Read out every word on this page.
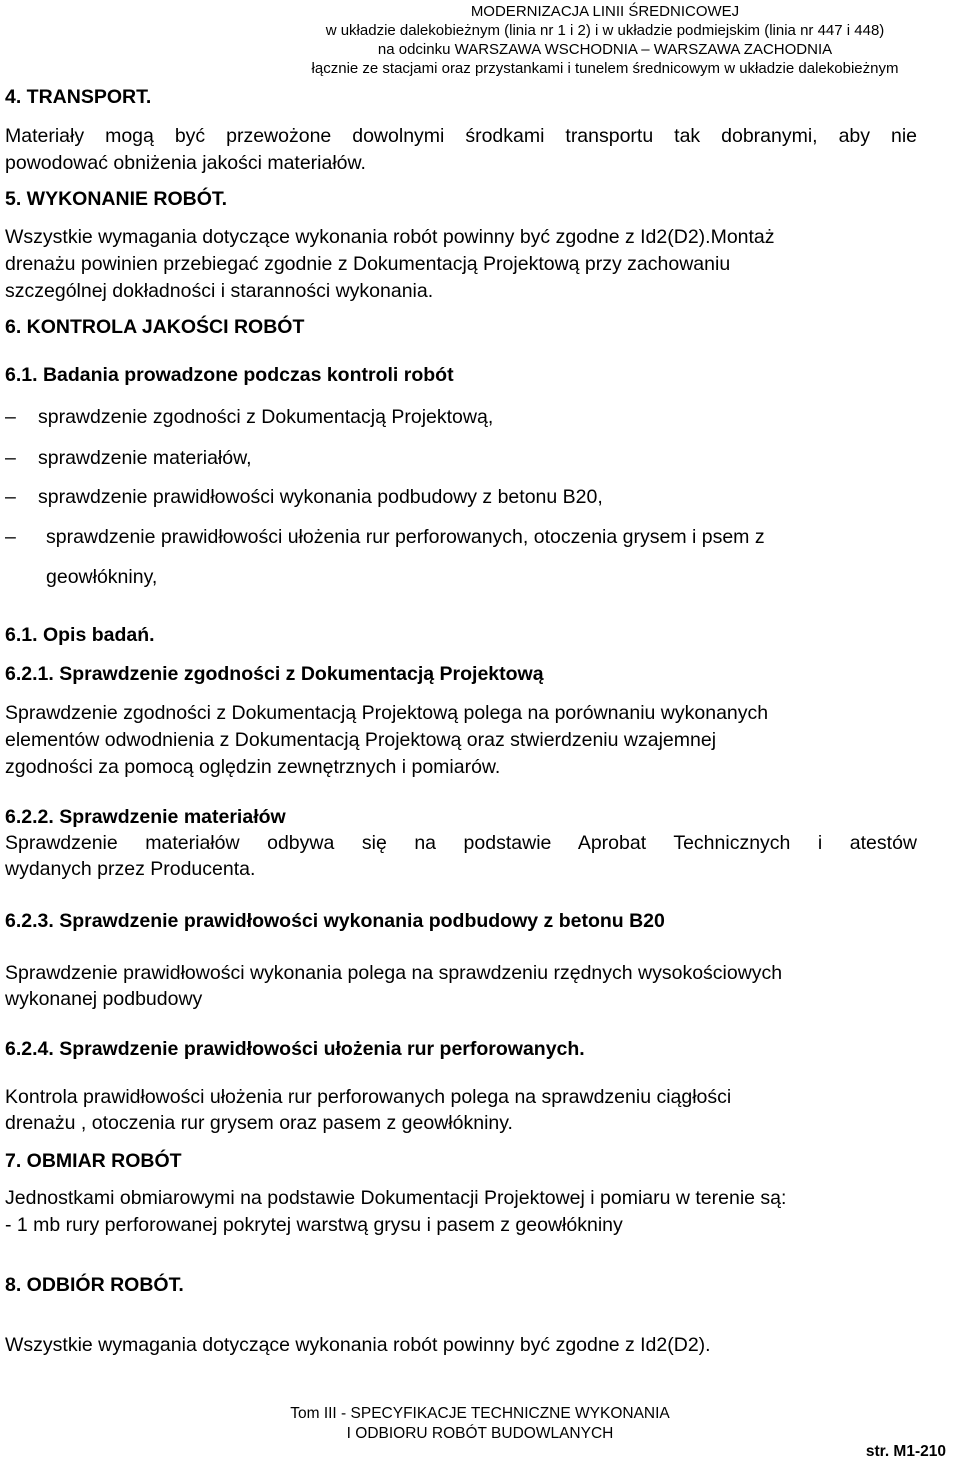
MODERNIZACJA LINII ŚREDNICOWEJ
w układzie dalekobieżnym (linia nr 1 i 2) i w układzie podmiejskim (linia nr 447 i 448)
na odcinku WARSZAWA WSCHODNIA – WARSZAWA ZACHODNIA
łącznie ze stacjami oraz przystankami i tunelem średnicowym w układzie dalekobieżnym
4. TRANSPORT.
Materiały mogą być przewożone dowolnymi środkami transportu tak dobranymi, aby nie
powodować obniżenia jakości materiałów.
5. WYKONANIE ROBÓT.
Wszystkie wymagania dotyczące wykonania robót powinny być zgodne z Id2(D2).Montaż
drenażu powinien przebiegać zgodnie z Dokumentacją Projektową przy zachowaniu
szczególnej dokładności i staranności wykonania.
6. KONTROLA JAKOŚCI ROBÓT
6.1. Badania prowadzone podczas kontroli robót
– sprawdzenie zgodności z Dokumentacją Projektową,
– sprawdzenie materiałów,
– sprawdzenie prawidłowości wykonania podbudowy z betonu B20,
– sprawdzenie prawidłowości ułożenia rur perforowanych, otoczenia grysem i psem z
geowłókniny,
6.1. Opis badań.
6.2.1. Sprawdzenie zgodności z Dokumentacją Projektową
Sprawdzenie zgodności z Dokumentacją Projektową polega na porównaniu wykonanych
elementów odwodnienia z Dokumentacją Projektową oraz stwierdzeniu wzajemnej
zgodności za pomocą oględzin zewnętrznych i pomiarów.
6.2.2. Sprawdzenie materiałów
Sprawdzenie materiałów odbywa się na podstawie Aprobat Technicznych i atestów
wydanych przez Producenta.
6.2.3. Sprawdzenie prawidłowości wykonania podbudowy z betonu B20
Sprawdzenie prawidłowości wykonania polega na sprawdzeniu rzędnych wysokościowych
wykonanej podbudowy
6.2.4. Sprawdzenie prawidłowości ułożenia rur perforowanych.
Kontrola prawidłowości ułożenia rur perforowanych polega na sprawdzeniu ciągłości
drenażu , otoczenia rur grysem oraz pasem z geowłókniny.
7. OBMIAR ROBÓT
Jednostkami obmiarowymi na podstawie Dokumentacji Projektowej i pomiaru w terenie są:
- 1 mb rury perforowanej pokrytej warstwą grysu i pasem z geowłókniny
8. ODBIÓR ROBÓT.
Wszystkie wymagania dotyczące wykonania robót powinny być zgodne z Id2(D2).
Tom III - SPECYFIKACJE TECHNICZNE WYKONANIA
I ODBIORU ROBÓT BUDOWLANYCH
str. M1-210
